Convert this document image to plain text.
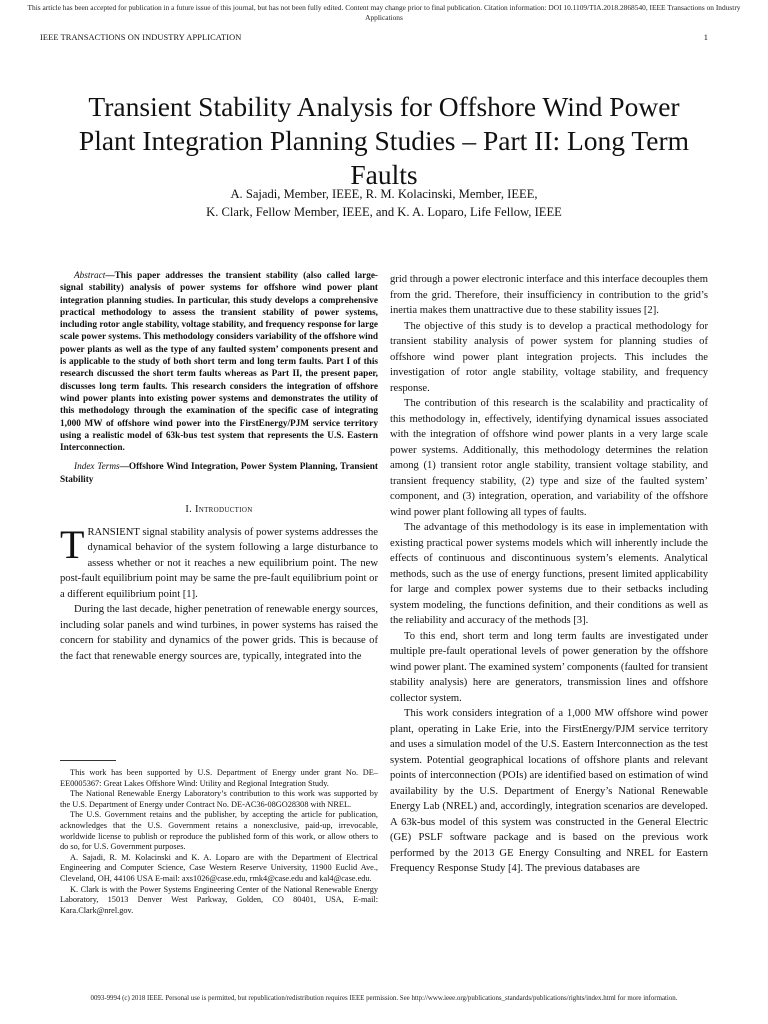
This article has been accepted for publication in a future issue of this journal, but has not been fully edited. Content may change prior to final publication. Citation information: DOI 10.1109/TIA.2018.2868540, IEEE Transactions on Industry Applications
IEEE TRANSACTIONS ON INDUSTRY APPLICATION	1
Transient Stability Analysis for Offshore Wind Power Plant Integration Planning Studies – Part II: Long Term Faults
A. Sajadi, Member, IEEE, R. M. Kolacinski, Member, IEEE,
K. Clark, Fellow Member, IEEE, and K. A. Loparo, Life Fellow, IEEE

Abstract—This paper addresses the transient stability (also called large-signal stability) analysis of power systems for offshore wind power plant integration planning studies. In particular, this study develops a comprehensive practical methodology to assess the transient stability of power systems, including rotor angle stability, voltage stability, and frequency response for large scale power systems. This methodology considers variability of the offshore wind power plants as well as the type of any faulted system’ components present and is applicable to the study of both short term and long term faults. Part I of this research discussed the short term faults whereas as Part II, the present paper, discusses long term faults. This research considers the integration of offshore wind power plants into existing power systems and demonstrates the utility of this methodology through the examination of the specific case of integrating 1,000 MW of offshore wind power into the FirstEnergy/PJM service territory using a realistic model of 63k-bus test system that represents the U.S. Eastern Interconnection.

Index Terms—Offshore Wind Integration, Power System Planning, Transient Stability

I. Introduction

TRANSIENT signal stability analysis of power systems addresses the dynamical behavior of the system following a large disturbance to assess whether or not it reaches a new equilibrium point. The new post-fault equilibrium point may be same the pre-fault equilibrium point or a different equilibrium point [1].

During the last decade, higher penetration of renewable energy sources, including solar panels and wind turbines, in power systems has raised the concern for stability and dynamics of the power grids. This is because of the fact that renewable energy sources are, typically, integrated into the

This work has been supported by U.S. Department of Energy under grant No. DE–EE0005367: Great Lakes Offshore Wind: Utility and Regional Integration Study.

The National Renewable Energy Laboratory’s contribution to this work was supported by the U.S. Department of Energy under Contract No. DE-AC36-08GO28308 with NREL.

The U.S. Government retains and the publisher, by accepting the article for publication, acknowledges that the U.S. Government retains a nonexclusive, paid-up, irrevocable, worldwide license to publish or reproduce the published form of this work, or allow others to do so, for U.S. Government purposes.

A. Sajadi, R. M. Kolacinski and K. A. Loparo are with the Department of Electrical Engineering and Computer Science, Case Western Reserve University, 11900 Euclid Ave., Cleveland, OH, 44106 USA E-mail: axs1026@case.edu, rmk4@case.edu and kal4@case.edu.

K. Clark is with the Power Systems Engineering Center of the National Renewable Energy Laboratory, 15013 Denver West Parkway, Golden, CO 80401, USA, E-mail: Kara.Clark@nrel.gov.

grid through a power electronic interface and this interface decouples them from the grid. Therefore, their insufficiency in contribution to the grid’s inertia makes them unattractive due to these stability issues [2].

The objective of this study is to develop a practical methodology for transient stability analysis of power system for planning studies of offshore wind power plant integration projects. This includes the investigation of rotor angle stability, voltage stability, and frequency response.

The contribution of this research is the scalability and practicality of this methodology in, effectively, identifying dynamical issues associated with the integration of offshore wind power plants in a very large scale power systems. Additionally, this methodology determines the relation among (1) transient rotor angle stability, transient voltage stability, and transient frequency stability, (2) type and size of the faulted system’ component, and (3) integration, operation, and variability of the offshore wind power plant following all types of faults.

The advantage of this methodology is its ease in implementation with existing practical power systems models which will inherently include the effects of continuous and discontinuous system’s elements. Analytical methods, such as the use of energy functions, present limited applicability for large and complex power systems due to their setbacks including system modeling, the functions definition, and their conditions as well as the reliability and accuracy of the methods [3].

To this end, short term and long term faults are investigated under multiple pre-fault operational levels of power generation by the offshore wind power plant. The examined system’ components (faulted for transient stability analysis) here are generators, transmission lines and offshore collector system.

This work considers integration of a 1,000 MW offshore wind power plant, operating in Lake Erie, into the FirstEnergy/PJM service territory and uses a simulation model of the U.S. Eastern Interconnection as the test system. Potential geographical locations of offshore plants and relevant points of interconnection (POIs) are identified based on estimation of wind availability by the U.S. Department of Energy’s National Renewable Energy Lab (NREL) and, accordingly, integration scenarios are developed. A 63k-bus model of this system was constructed in the General Electric (GE) PSLF software package and is based on the previous work performed by the 2013 GE Energy Consulting and NREL for Eastern Frequency Response Study [4]. The previous databases are

0093-9994 (c) 2018 IEEE. Personal use is permitted, but republication/redistribution requires IEEE permission. See http://www.ieee.org/publications_standards/publications/rights/index.html for more information.
